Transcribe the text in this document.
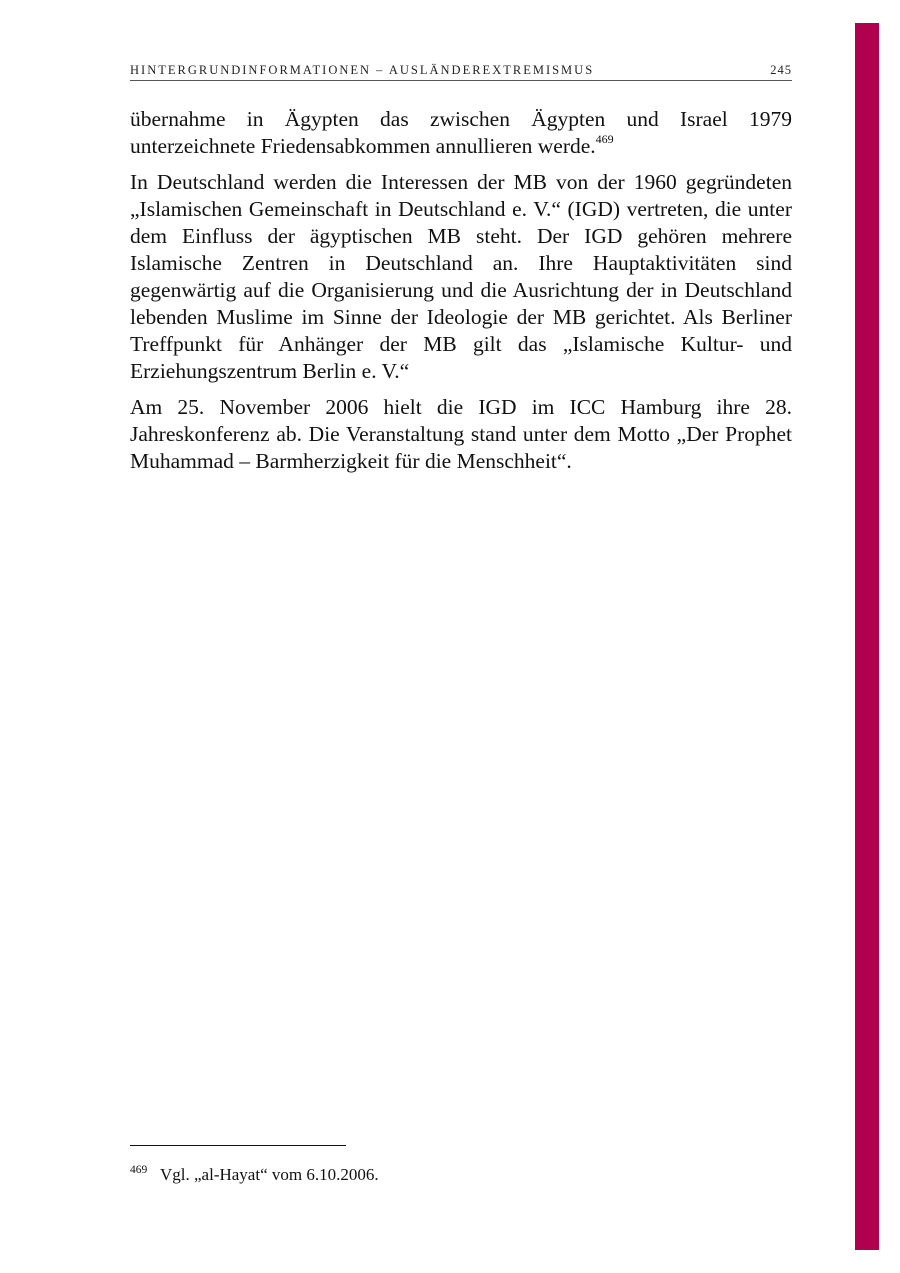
HINTERGRUNDINFORMATIONEN – AUSLÄNDEREXTREMISMUS	245

übernahme in Ägypten das zwischen Ägypten und Israel 1979 unterzeichnete Friedensabkommen annullieren werde.$^{469}$

In Deutschland werden die Interessen der MB von der 1960 gegründeten „Islamischen Gemeinschaft in Deutschland e. V.“ (IGD) vertreten, die unter dem Einfluss der ägyptischen MB steht. Der IGD gehören mehrere Islamische Zentren in Deutschland an. Ihre Hauptaktivitäten sind gegenwärtig auf die Organisierung und die Ausrichtung der in Deutschland lebenden Muslime im Sinne der Ideologie der MB gerichtet. Als Berliner Treffpunkt für Anhänger der MB gilt das „Islamische Kultur- und Erziehungszentrum Berlin e. V.“

Am 25. November 2006 hielt die IGD im ICC Hamburg ihre 28. Jahreskonferenz ab. Die Veranstaltung stand unter dem Motto „Der Prophet Muhammad – Barmherzigkeit für die Menschheit“.

469 Vgl. „al-Hayat“ vom 6.10.2006.
